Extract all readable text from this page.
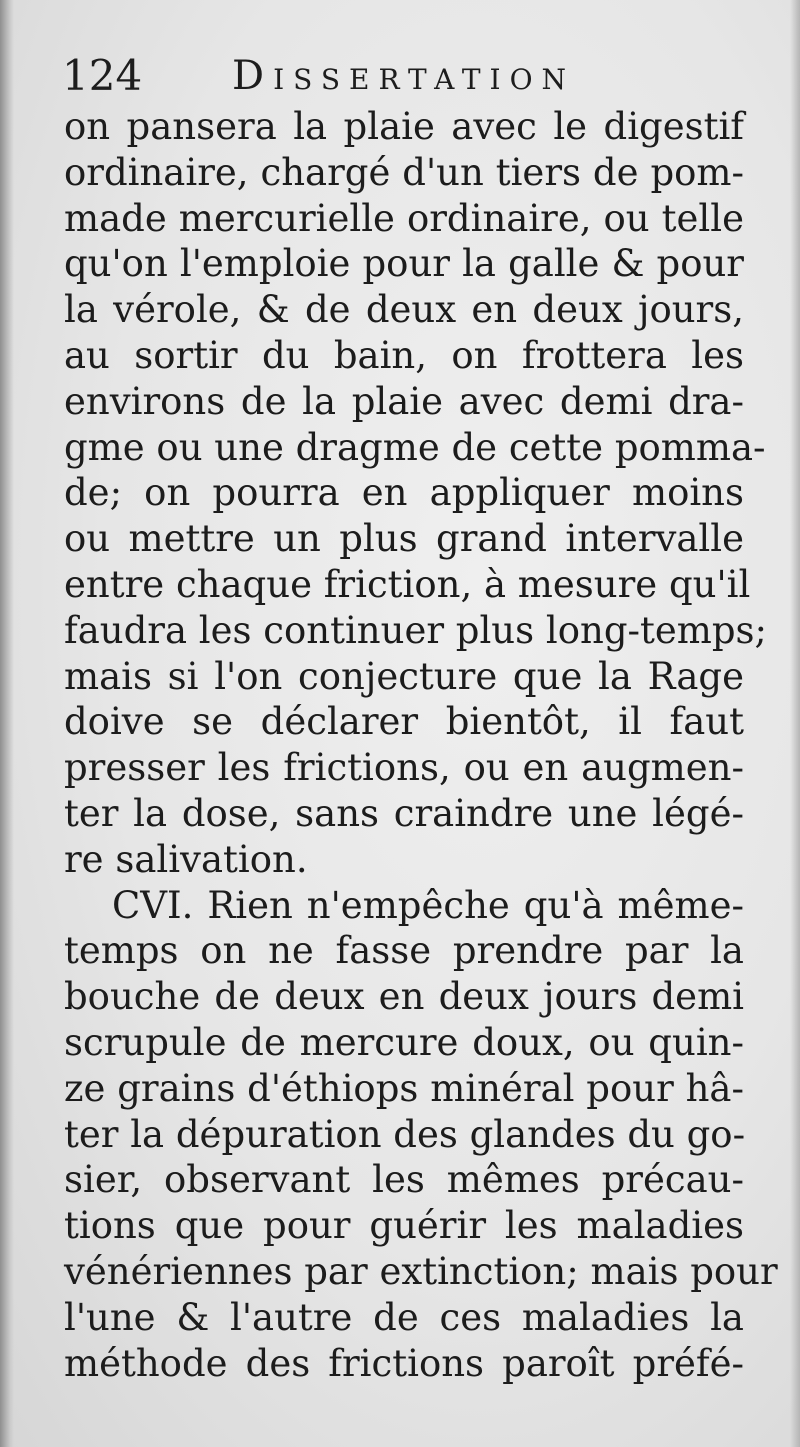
124 Dissertation
on pansera la plaie avec le digestif
ordinaire, chargé d'un tiers de pom-
made mercurielle ordinaire, ou telle
qu'on l'emploie pour la galle & pour
la vérole, & de deux en deux jours,
au sortir du bain, on frottera les
environs de la plaie avec demi dra-
gme ou une dragme de cette pomma-
de; on pourra en appliquer moins
ou mettre un plus grand intervalle
entre chaque friction, à mesure qu'il
faudra les continuer plus long-temps;
mais si l'on conjecture que la Rage
doive se déclarer bientôt, il faut
presser les frictions, ou en augmen-
ter la dose, sans craindre une légé-
re salivation.
CVI. Rien n'empêche qu'à même-
temps on ne fasse prendre par la
bouche de deux en deux jours demi
scrupule de mercure doux, ou quin-
ze grains d'éthiops minéral pour hâ-
ter la dépuration des glandes du go-
sier, observant les mêmes précau-
tions que pour guérir les maladies
vénériennes par extinction; mais pour
l'une & l'autre de ces maladies la
méthode des frictions paroît préfé-
